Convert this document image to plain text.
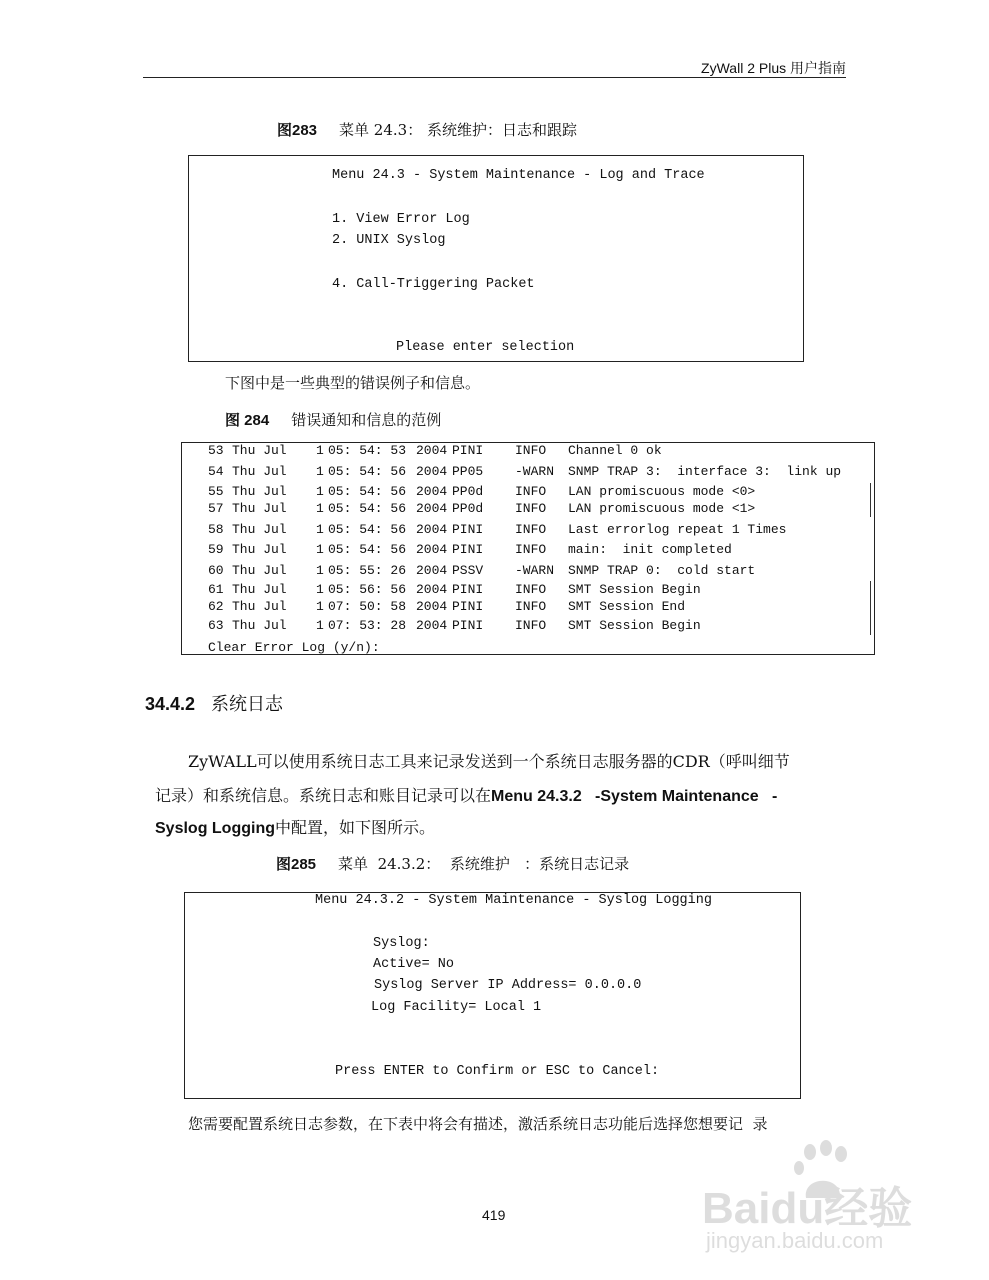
ZyWall 2 Plus 用户指南
图283 菜单 24.3： 系统维护：日志和跟踪
Menu 24.3 - System Maintenance - Log and Trace
1. View Error Log
2. UNIX Syslog
4. Call-Triggering Packet
Please enter selection
下图中是一些典型的错误例子和信息。
图 284 错误通知和信息的范例
53 Thu Jul 1 05: 54: 53 2004 PINI INFO Channel 0 ok
54 Thu Jul 1 05: 54: 56 2004 PP05 -WARN SNMP TRAP 3:  interface 3:  link up
55 Thu Jul 1 05: 54: 56 2004 PP0d INFO LAN promiscuous mode <0>
57 Thu Jul 1 05: 54: 56 2004 PP0d INFO LAN promiscuous mode <1>
58 Thu Jul 1 05: 54: 56 2004 PINI INFO Last errorlog repeat 1 Times
59 Thu Jul 1 05: 54: 56 2004 PINI INFO main:  init completed
60 Thu Jul 1 05: 55: 26 2004 PSSV -WARN SNMP TRAP 0:  cold start
61 Thu Jul 1 05: 56: 56 2004 PINI INFO SMT Session Begin
62 Thu Jul 1 07: 50: 58 2004 PINI INFO SMT Session End
63 Thu Jul 1 07: 53: 28 2004 PINI INFO SMT Session Begin
Clear Error Log (y/n):
34.4.2 系统日志
ZyWALL可以使用系统日志工具来记录发送到一个系统日志服务器的CDR（呼叫细节
记录）和系统信息。系统日志和账目记录可以在Menu 24.3.2   -System Maintenance   -
Syslog Logging中配置，如下图所示。
图285 菜单  24.3.2：  系统维护   ：系统日志记录
Menu 24.3.2 - System Maintenance - Syslog Logging
Syslog:
Active= No
Syslog Server IP Address= 0.0.0.0
Log Facility= Local 1
Press ENTER to Confirm or ESC to Cancel:
您需要配置系统日志参数，在下表中将会有描述，激活系统日志功能后选择您想要记  录
419	Baidu经验
jingyan.baidu.com
